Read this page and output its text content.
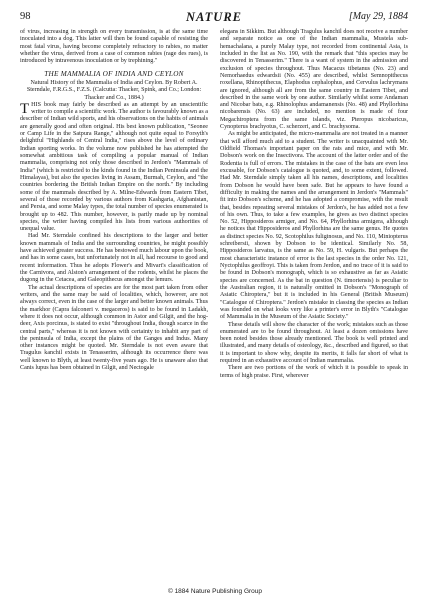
98	NATURE	[May 29, 1884

of virus, increasing in strength on every transmission, is at the same time inoculated into a dog. This latter will then be found capable of resisting the most fatal virus, having become completely refractory to rabies, no matter whether the virus, derived from a case of common rabies (rage des rues), is introduced by intravenous inoculation or by trephining."

THE MAMMALIA OF INDIA AND CEYLON

Natural History of the Mammalia of India and Ceylon. By Robert A. Sterndale, F.R.G.S., F.Z.S. (Calcutta: Thacker, Spink, and Co.; London: Thacker and Co., 1884.)

THIS book may fairly be described as an attempt by an unscientific writer to compile a scientific work. The author is favourably known as a describer of Indian wild sports, and his observations on the habits of animals are generally good and often original. His best known publication, "Seonee or Camp Life in the Satpura Range," although not quite equal to Forsyth's delightful "Highlands of Central India," rises above the level of ordinary Indian sporting works. In the volume now published he has attempted the somewhat ambitious task of compiling a popular manual of Indian mammalia, comprising not only those described in Jerdon's "Mammals of India" (which is restricted to the kinds found in the Indian Peninsula and the Himalayas), but also the species living in Assam, Burmah, Ceylon, and "the countries bordering the British Indian Empire on the north." By including some of the mammals described by A. Milne-Edwards from Eastern Tibet, several of those recorded by various authors from Kashgaria, Afghanistan, and Persia, and some Malay types, the total number of species enumerated is brought up to 482. This number, however, is partly made up by nominal species, the writer having compiled his lists from various authorities of unequal value.

Had Mr. Sterndale confined his descriptions to the larger and better known mammals of India and the surrounding countries, he might possibly have achieved greater success. He has bestowed much labour upon the book, and has in some cases, but unfortunately not in all, had recourse to good and recent information. Thus he adopts Flower's and Mivart's classification of the Carnivora, and Alston's arrangement of the rodents, whilst he places the dugong in the Cetacea, and Galeopithecus amongst the lemurs.

The actual descriptions of species are for the most part taken from other writers, and the same may be said of localities, which, however, are not always correct, even in the case of the larger and better known animals. Thus the markhor (Capra falconeri v. megaceros) is said to be found in Ladakh, where it does not occur, although common in Astor and Gilgit, and the hog-deer, Axis porcinus, is stated to exist "throughout India, though scarce in the central parts," whereas it is not known with certainty to inhabit any part of the peninsula of India, except the plains of the Ganges and Indus. Many other instances might be quoted. Mr. Sterndale is not even aware that Tragulus kanchil exists in Tenasserim, although its occurrence there was well known to Blyth, at least twenty-five years ago. He is unaware also that Canis lupus has been obtained in Gilgit, and Nectogale

elegans in Sikkim. But although Tragulus kanchil does not receive a number and separate notice as one of the Indian mammalia, Mustela sub-hemachalana, a purely Malay type, not recorded from continental Asia, is included in the list as No. 190, with the remark that "this species may be discovered in Tenasserim." There is a want of system in the admission and exclusion of species throughout. Thus Macacus tibetanus (No. 23) and Nemorhaedus edwardsii (No. 455) are described, whilst Semnopithecus roxellana, Rhinopithecus, Elaphodus cephalophus, and Cervulus lachrymans are ignored, although all are from the same country in Eastern Tibet, and described in the same work by one author. Similarly whilst some Andaman and Nicobar bats, e.g. Rhinolophus andamanensis (No. 48) and Phyllorhina nicobarensis (No. 63) are included, no mention is made of four Megachiroptera from the same islands, viz. Pteropus nicobaricus, Cynopterus brachyotus, C. scherzeri, and C. brachysoma.

As might be anticipated, the micro-mammalia are not treated in a manner that will afford much aid to a student. The writer is unacquainted with Mr. Oldfield Thomas's important paper on the rats and mice, and with Mr. Dobson's work on the Insectivora. The account of the latter order and of the Rodentia is full of errors. The mistakes in the case of the bats are even less excusable, for Dobson's catalogue is quoted, and, to some extent, followed. Had Mr. Sterndale simply taken all his names, descriptions, and localities from Dobson he would have been safe. But he appears to have found a difficulty in making the names and the arrangement in Jerdon's "Mammals" fit into Dobson's scheme, and he has adopted a compromise, with the result that, besides repeating several mistakes of Jerdon's, he has added not a few of his own. Thus, to take a few examples, he gives as two distinct species No. 52, Hipposideros armiger, and No. 64, Phyllorhina armigera, although he notices that Hipposideros and Phyllorhina are the same genus. He quotes as distinct species No. 92, Scotophilus fuliginosus, and No. 110, Miniopterus schreibersii, shown by Dobson to be identical. Similarly No. 58, Hipposideros larvatus, is the same as No. 59, H. vulgaris. But perhaps the most characteristic instance of error is the last species in the order No. 121, Nyctophilus geoffroyi. This is taken from Jerdon, and no trace of it is said to be found in Dobson's monograph, which is so exhaustive as far as Asiatic species are concerned. As the bat in question (N. timoriensis) is peculiar to the Australian region, it is naturally omitted in Dobson's "Monograph of Asiatic Chiroptera," but it is included in his General (British Museum) "Catalogue of Chiroptera." Jerdon's mistake in classing the species as Indian was founded on what looks very like a printer's error in Blyth's "Catalogue of Mammalia in the Museum of the Asiatic Society."

These details will show the character of the work; mistakes such as those enumerated are to be found throughout. At least a dozen omissions have been noted besides those already mentioned. The book is well printed and illustrated, and many details of osteology, &c., described and figured, so that it is important to show why, despite its merits, it falls far short of what is required in an exhaustive account of Indian mammalia.

There are two portions of the work of which it is possible to speak in terms of high praise. First, wherever

© 1884 Nature Publishing Group
